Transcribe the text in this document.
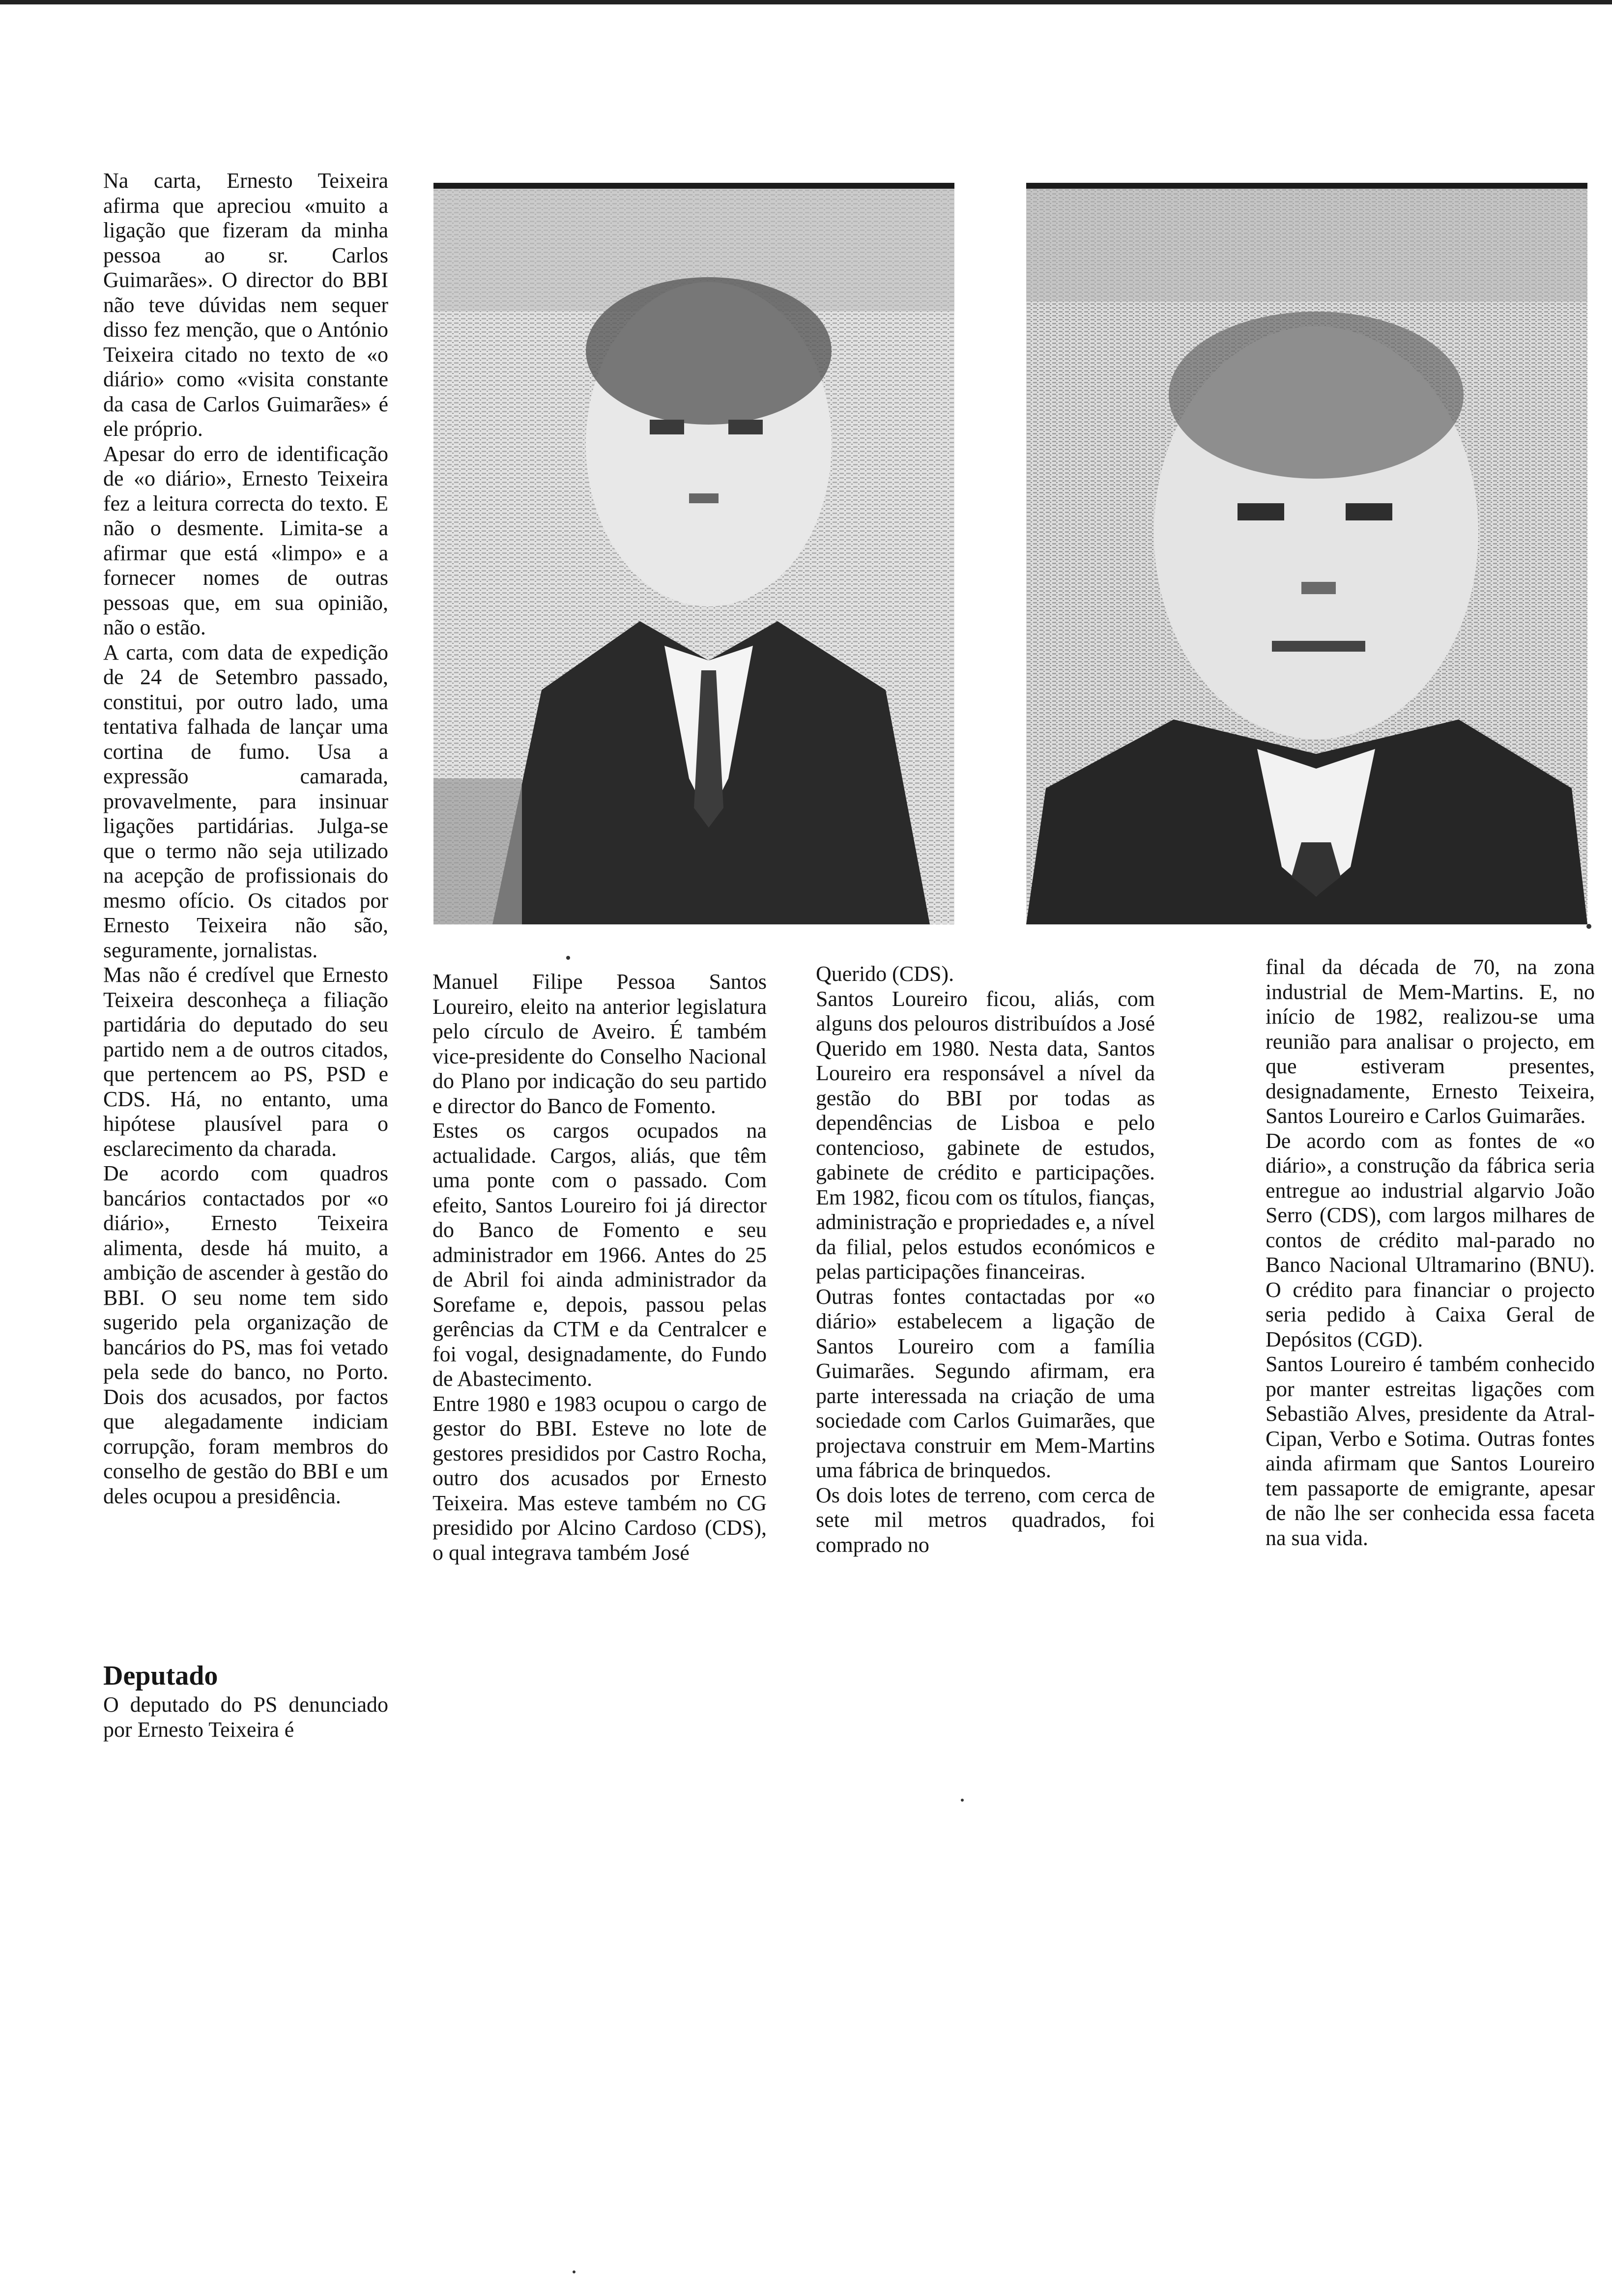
Na carta, Ernesto Teixeira afirma que apreciou «muito a ligação que fizeram da minha pessoa ao sr. Carlos Guimarães». O director do BBI não teve dúvidas nem sequer disso fez menção, que o António Teixeira citado no texto de «o diário» como «visita constante da casa de Carlos Guimarães» é ele próprio.
Apesar do erro de identificação de «o diário», Ernesto Teixeira fez a leitura correcta do texto. E não o desmente. Limita-se a afirmar que está «limpo» e a fornecer nomes de outras pessoas que, em sua opinião, não o estão.
A carta, com data de expedição de 24 de Setembro passado, constitui, por outro lado, uma tentativa falhada de lançar uma cortina de fumo. Usa a expressão camarada, provavelmente, para insinuar ligações partidárias. Julga-se que o termo não seja utilizado na acepção de profissionais do mesmo ofício. Os citados por Ernesto Teixeira não são, seguramente, jornalistas.
Mas não é credível que Ernesto Teixeira desconheça a filiação partidária do deputado do seu partido nem a de outros citados, que pertencem ao PS, PSD e CDS. Há, no entanto, uma hipótese plausível para o esclarecimento da charada.
De acordo com quadros bancários contactados por «o diário», Ernesto Teixeira alimenta, desde há muito, a ambição de ascender à gestão do BBI. O seu nome tem sido sugerido pela organização de bancários do PS, mas foi vetado pela sede do banco, no Porto. Dois dos acusados, por factos que alegadamente indiciam corrupção, foram membros do conselho de gestão do BBI e um deles ocupou a presidência.

Deputado

O deputado do PS denunciado por Ernesto Teixeira é

Manuel Filipe Pessoa Santos Loureiro, eleito na anterior legislatura pelo círculo de Aveiro. É também vice-presidente do Conselho Nacional do Plano por indicação do seu partido e director do Banco de Fomento.
Estes os cargos ocupados na actualidade. Cargos, aliás, que têm uma ponte com o passado. Com efeito, Santos Loureiro foi já director do Banco de Fomento e seu administrador em 1966. Antes do 25 de Abril foi ainda administrador da Sorefame e, depois, passou pelas gerências da CTM e da Centralcer e foi vogal, designadamente, do Fundo de Abastecimento.
Entre 1980 e 1983 ocupou o cargo de gestor do BBI. Esteve no lote de gestores presididos por Castro Rocha, outro dos acusados por Ernesto Teixeira. Mas esteve também no CG presidido por Alcino Cardoso (CDS), o qual integrava também José

Querido (CDS).
Santos Loureiro ficou, aliás, com alguns dos pelouros distribuídos a José Querido em 1980. Nesta data, Santos Loureiro era responsável a nível da gestão do BBI por todas as dependências de Lisboa e pelo contencioso, gabinete de estudos, gabinete de crédito e participações. Em 1982, ficou com os títulos, fianças, administração e propriedades e, a nível da filial, pelos estudos económicos e pelas participações financeiras.
Outras fontes contactadas por «o diário» estabelecem a ligação de Santos Loureiro com a família Guimarães. Segundo afirmam, era parte interessada na criação de uma sociedade com Carlos Guimarães, que projectava construir em Mem-Martins uma fábrica de brinquedos.
Os dois lotes de terreno, com cerca de sete mil metros quadrados, foi comprado no

final da década de 70, na zona industrial de Mem-Martins. E, no início de 1982, realizou-se uma reunião para analisar o projecto, em que estiveram presentes, designadamente, Ernesto Teixeira, Santos Loureiro e Carlos Guimarães.
De acordo com as fontes de «o diário», a construção da fábrica seria entregue ao industrial algarvio João Serro (CDS), com largos milhares de contos de crédito mal-parado no Banco Nacional Ultramarino (BNU). O crédito para financiar o projecto seria pedido à Caixa Geral de Depósitos (CGD).
Santos Loureiro é também conhecido por manter estreitas ligações com Sebastião Alves, presidente da Atral-Cipan, Verbo e Sotima. Outras fontes ainda afirmam que Santos Loureiro tem passaporte de emigrante, apesar de não lhe ser conhecida essa faceta na sua vida.
